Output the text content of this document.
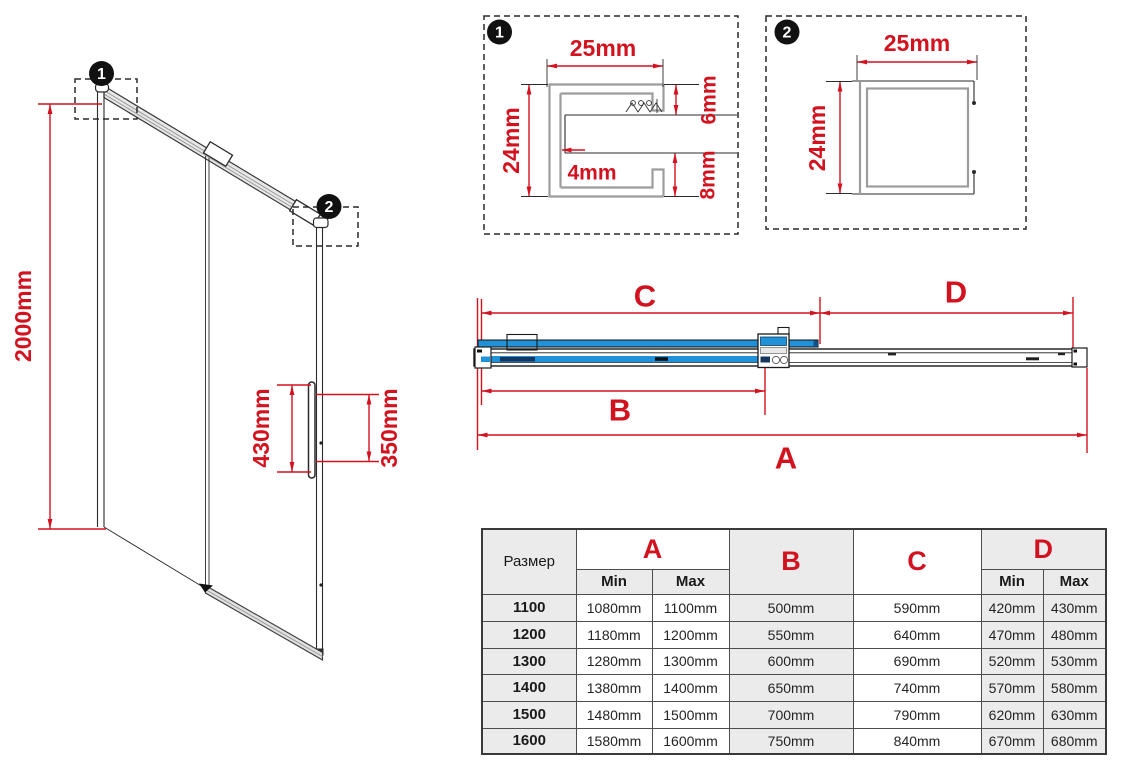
2000mm
430mm	350mm
1
2
1
25mm
24mm
6mm
8mm
4mm
2	25mm
24mm
C	D
B
A
Размер	A		B	C	D	
	Min	Max			Min	Max
1100	1080mm	1100mm	500mm	590mm	420mm	430mm
1200	1180mm	1200mm	550mm	640mm	470mm	480mm
1300	1280mm	1300mm	600mm	690mm	520mm	530mm
1400	1380mm	1400mm	650mm	740mm	570mm	580mm
1500	1480mm	1500mm	700mm	790mm	620mm	630mm
1600	1580mm	1600mm	750mm	840mm	670mm	680mm
